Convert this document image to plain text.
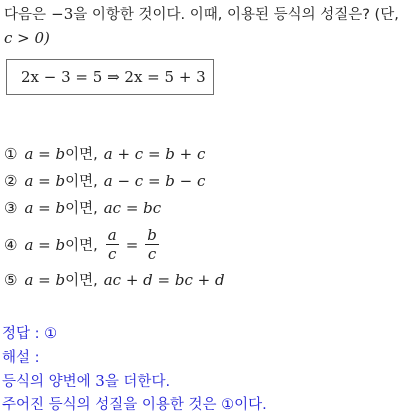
다음은 −3을 이항한 것이다. 이때, 이용된 등식의 성질은? (단,
c > 0)
2x − 3 = 5 ⇒ 2x = 5 + 3
① a = b 이면, a + c = b + c
② a = b 이면, a − c = b − c
③ a = b 이면, ac = bc
④ a = b 이면, $\frac{a}{c} = \frac{b}{c}$
⑤ a = b 이면, ac + d = bc + d
정답 : ①
해설 :
등식의 양변에 3을 더한다.
주어진 등식의 성질을 이용한 것은 ①이다.
